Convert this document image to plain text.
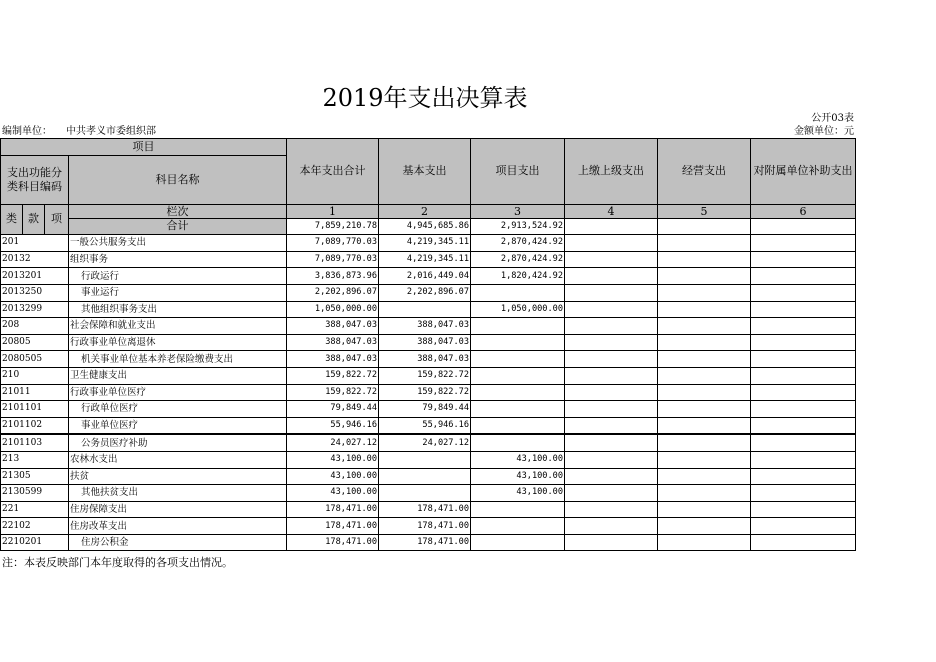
2019年支出决算表
公开03表
编制单位： 中共孝义市委组织部	金额单位：元
项目				本年支出合计	基本支出	项目支出	上缴上级支出	经营支出	对附属单位补助支出
支出功能分类科目编码			科目名称						

类	款	项	栏次	1	2	3	4	5	6
			合计	7,859,210.78	4,945,685.86	2,913,524.92			
201			一般公共服务支出	7,089,770.03	4,219,345.11	2,870,424.92			
20132			组织事务	7,089,770.03	4,219,345.11	2,870,424.92			
2013201			行政运行	3,836,873.96	2,016,449.04	1,820,424.92			
2013250			事业运行	2,202,896.07	2,202,896.07				
2013299			其他组织事务支出	1,050,000.00		1,050,000.00			
208			社会保障和就业支出	388,047.03	388,047.03				
20805			行政事业单位离退休	388,047.03	388,047.03				
2080505			机关事业单位基本养老保险缴费支出	388,047.03	388,047.03				
210			卫生健康支出	159,822.72	159,822.72				
21011			行政事业单位医疗	159,822.72	159,822.72				
2101101			行政单位医疗	79,849.44	79,849.44				
2101102			事业单位医疗	55,946.16	55,946.16				
2101103			公务员医疗补助	24,027.12	24,027.12				
213			农林水支出	43,100.00		43,100.00			
21305			扶贫	43,100.00		43,100.00			
2130599			其他扶贫支出	43,100.00		43,100.00			
221			住房保障支出	178,471.00	178,471.00				
22102			住房改革支出	178,471.00	178,471.00				
2210201			住房公积金	178,471.00	178,471.00				
注：本表反映部门本年度取得的各项支出情况。
